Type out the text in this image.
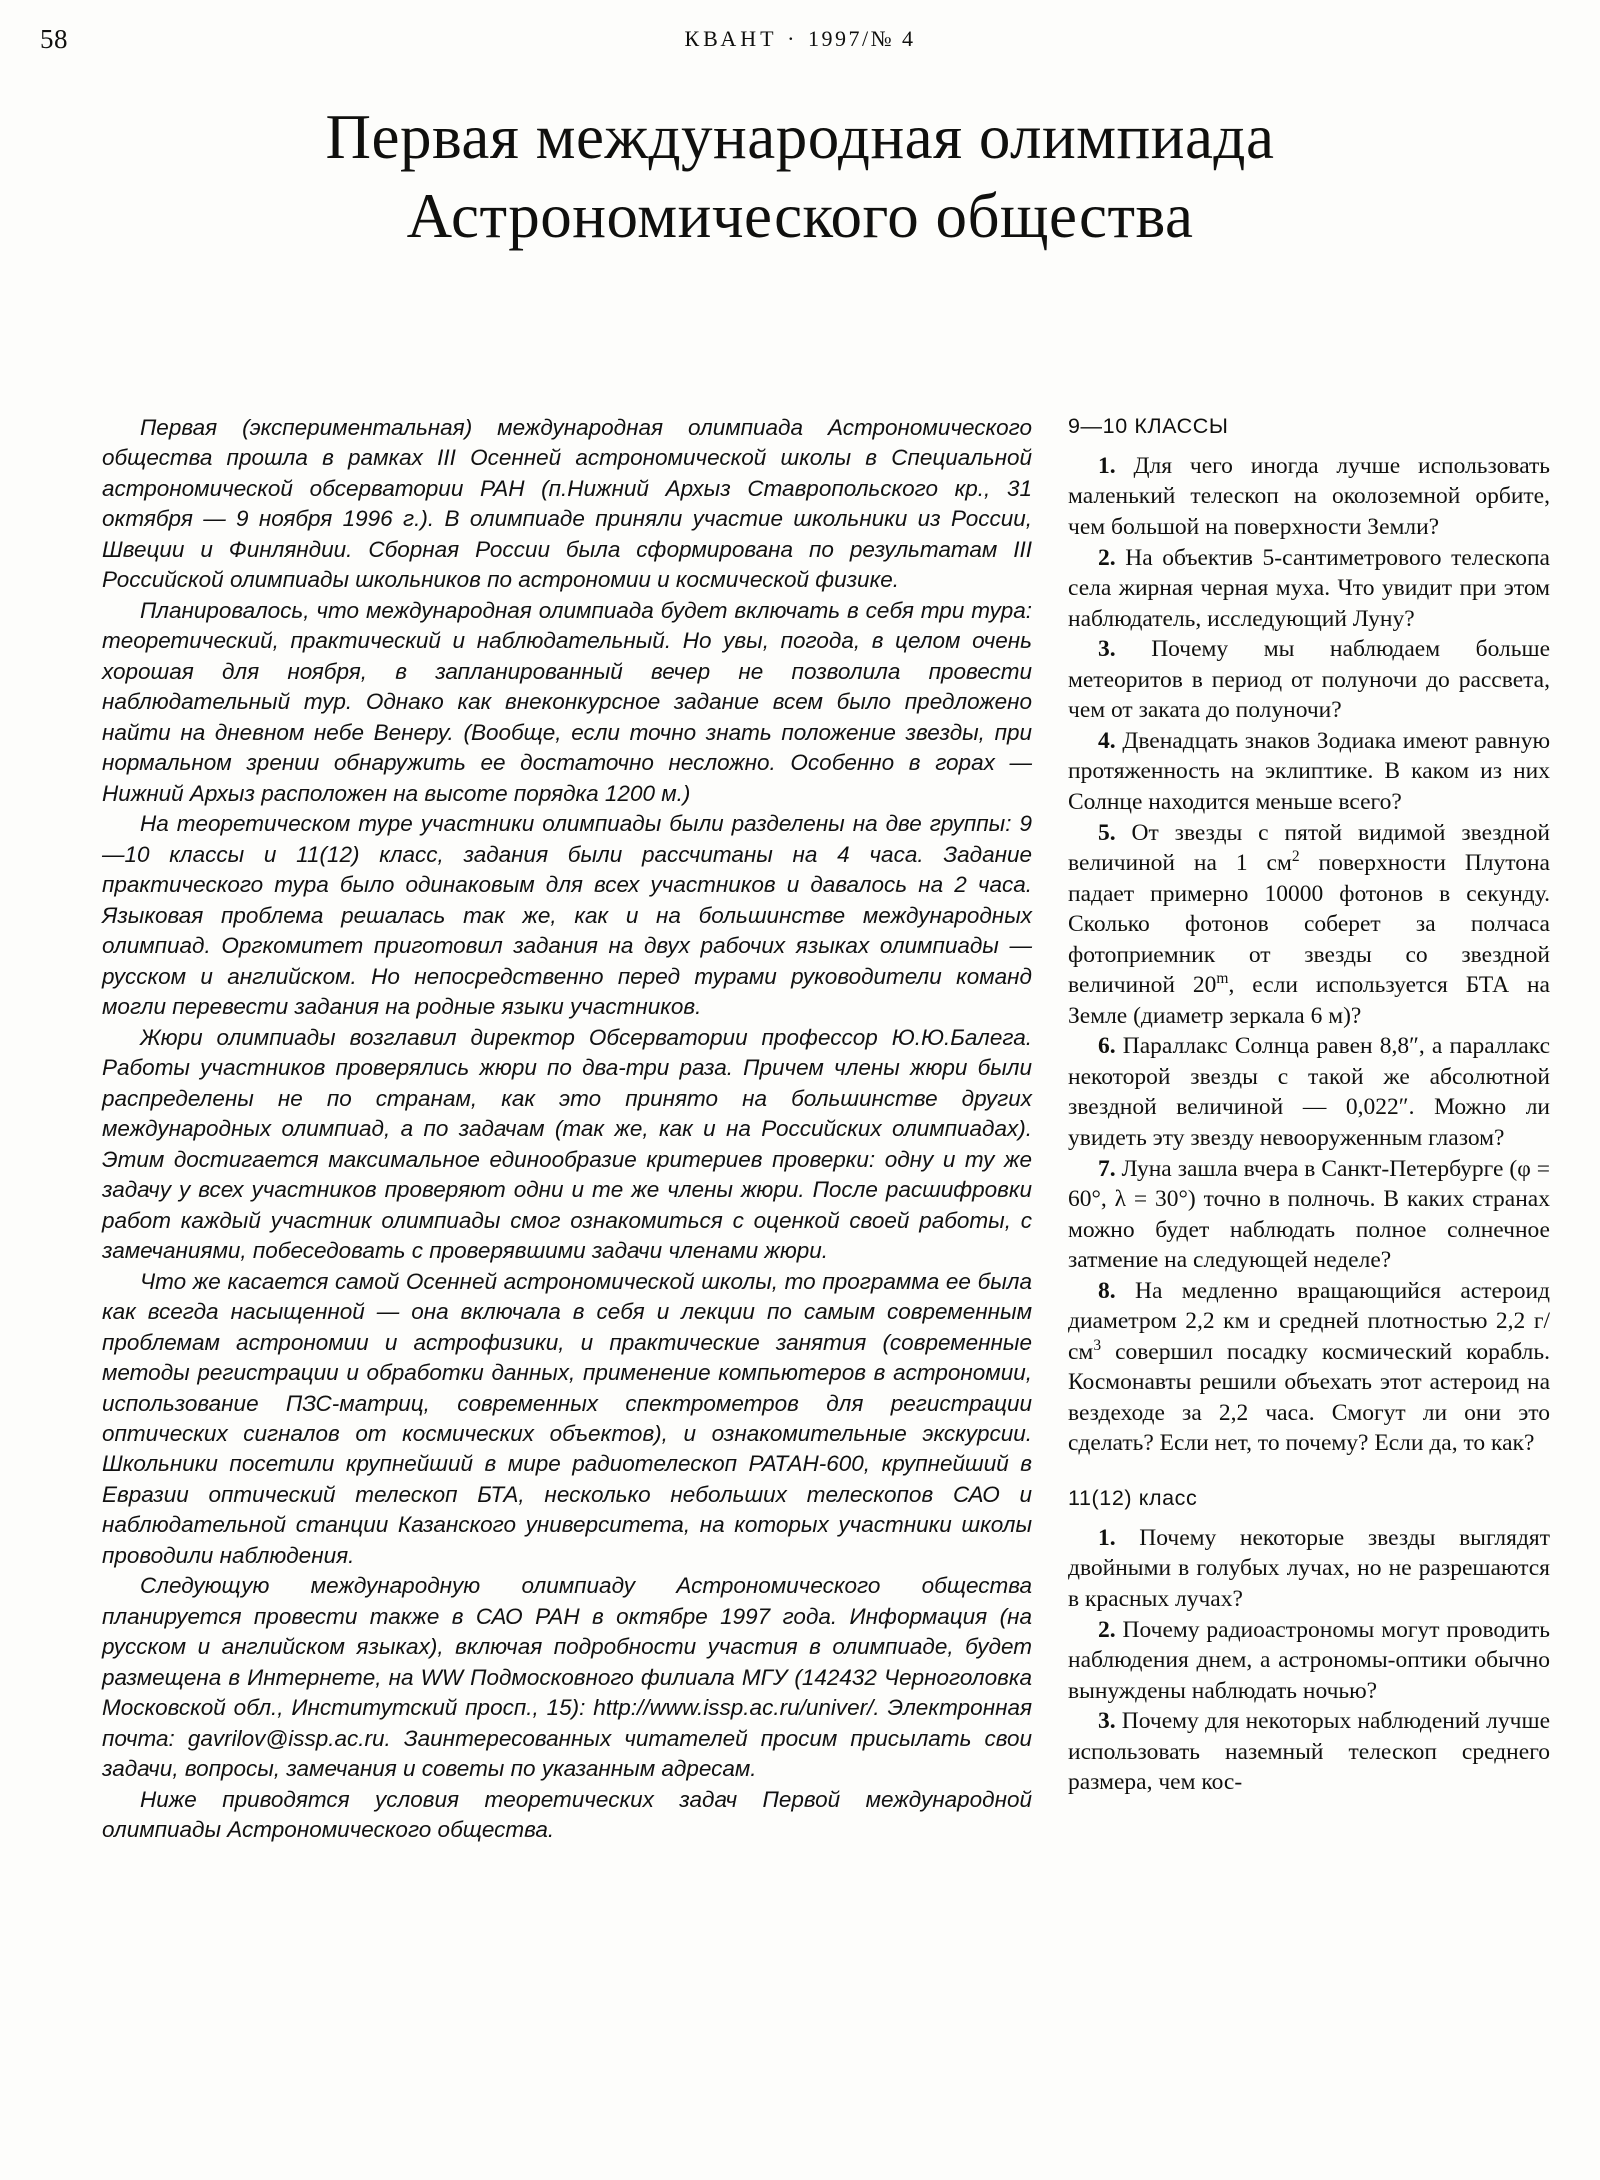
58	КВАНТ · 1997/№ 4
Первая международная олимпиада
Астрономического общества

Первая (экспериментальная) международная олимпиада Астрономического общества прошла в рамках III Осенней астрономической школы в Специальной астрономической обсерватории РАН (п.Нижний Архыз Ставропольского кр., 31 октября — 9 ноября 1996 г.). В олимпиаде приняли участие школьники из России, Швеции и Финляндии. Сборная России была сформирована по результатам III Российской олимпиады школьников по астрономии и космической физике.

Планировалось, что международная олимпиада будет включать в себя три тура: теоретический, практический и наблюдательный. Но увы, погода, в целом очень хорошая для ноября, в запланированный вечер не позволила провести наблюдательный тур. Однако как внеконкурсное задание всем было предложено найти на дневном небе Венеру. (Вообще, если точно знать положение звезды, при нормальном зрении обнаружить ее достаточно несложно. Особенно в горах — Нижний Архыз расположен на высоте порядка 1200 м.)

На теоретическом туре участники олимпиады были разделены на две группы: 9—10 классы и 11(12) класс, задания были рассчитаны на 4 часа. Задание практического тура было одинаковым для всех участников и давалось на 2 часа. Языковая проблема решалась так же, как и на большинстве международных олимпиад. Оргкомитет приготовил задания на двух рабочих языках олимпиады — русском и английском. Но непосредственно перед турами руководители команд могли перевести задания на родные языки участников.

Жюри олимпиады возглавил директор Обсерватории профессор Ю.Ю.Балега. Работы участников проверялись жюри по два-три раза. Причем члены жюри были распределены не по странам, как это принято на большинстве других международных олимпиад, а по задачам (так же, как и на Российских олимпиадах). Этим достигается максимальное единообразие критериев проверки: одну и ту же задачу у всех участников проверяют одни и те же члены жюри. После расшифровки работ каждый участник олимпиады смог ознакомиться с оценкой своей работы, с замечаниями, побеседовать с проверявшими задачи членами жюри.

Что же касается самой Осенней астрономической школы, то программа ее была как всегда насыщенной — она включала в себя и лекции по самым современным проблемам астрономии и астрофизики, и практические занятия (современные методы регистрации и обработки данных, применение компьютеров в астрономии, использование ПЗС-матриц, современных спектрометров для регистрации оптических сигналов от космических объектов), и ознакомительные экскурсии. Школьники посетили крупнейший в мире радиотелескоп РАТАН-600, крупнейший в Евразии оптический телескоп БТА, несколько небольших телескопов САО и наблюдательной станции Казанского университета, на которых участники школы проводили наблюдения.

Следующую международную олимпиаду Астрономического общества планируется провести также в САО РАН в октябре 1997 года. Информация (на русском и английском языках), включая подробности участия в олимпиаде, будет размещена в Интернете, на WW Подмосковного филиала МГУ (142432 Черноголовка Московской обл., Институтский просп., 15): http://www.issp.ac.ru/univer/. Электронная почта: gavrilov@issp.ac.ru. Заинтересованных читателей просим присылать свои задачи, вопросы, замечания и советы по указанным адресам.

Ниже приводятся условия теоретических задач Первой международной олимпиады Астрономического общества.

9—10 КЛАССЫ

1. Для чего иногда лучше использовать маленький телескоп на околоземной орбите, чем большой на поверхности Земли?

2. На объектив 5-сантиметрового телескопа села жирная черная муха. Что увидит при этом наблюдатель, исследующий Луну?

3. Почему мы наблюдаем больше метеоритов в период от полуночи до рассвета, чем от заката до полуночи?

4. Двенадцать знаков Зодиака имеют равную протяженность на эклиптике. В каком из них Солнце находится меньше всего?

5. От звезды с пятой видимой звездной величиной на 1 $см^2$ поверхности Плутона падает примерно 10000 фотонов в секунду. Сколько фотонов соберет за полчаса фотоприемник от звезды со звездной величиной 20$^m$, если используется БТА на Земле (диаметр зеркала 6 м)?

6. Параллакс Солнца равен 8,8″, а параллакс некоторой звезды с такой же абсолютной звездной величиной — 0,022″. Можно ли увидеть эту звезду невооруженным глазом?

7. Луна зашла вчера в Санкт-Петербурге (φ = 60°, λ = 30°) точно в полночь. В каких странах можно будет наблюдать полное солнечное затмение на следующей неделе?

8. На медленно вращающийся астероид диаметром 2,2 км и средней плотностью 2,2 $г/см^3$ совершил посадку космический корабль. Космонавты решили объехать этот астероид на вездеходе за 2,2 часа. Смогут ли они это сделать? Если нет, то почему? Если да, то как?

11(12) класс

1. Почему некоторые звезды выглядят двойными в голубых лучах, но не разрешаются в красных лучах?

2. Почему радиоастрономы могут проводить наблюдения днем, а астрономы-оптики обычно вынуждены наблюдать ночью?

3. Почему для некоторых наблюдений лучше использовать наземный телескоп среднего размера, чем кос-
